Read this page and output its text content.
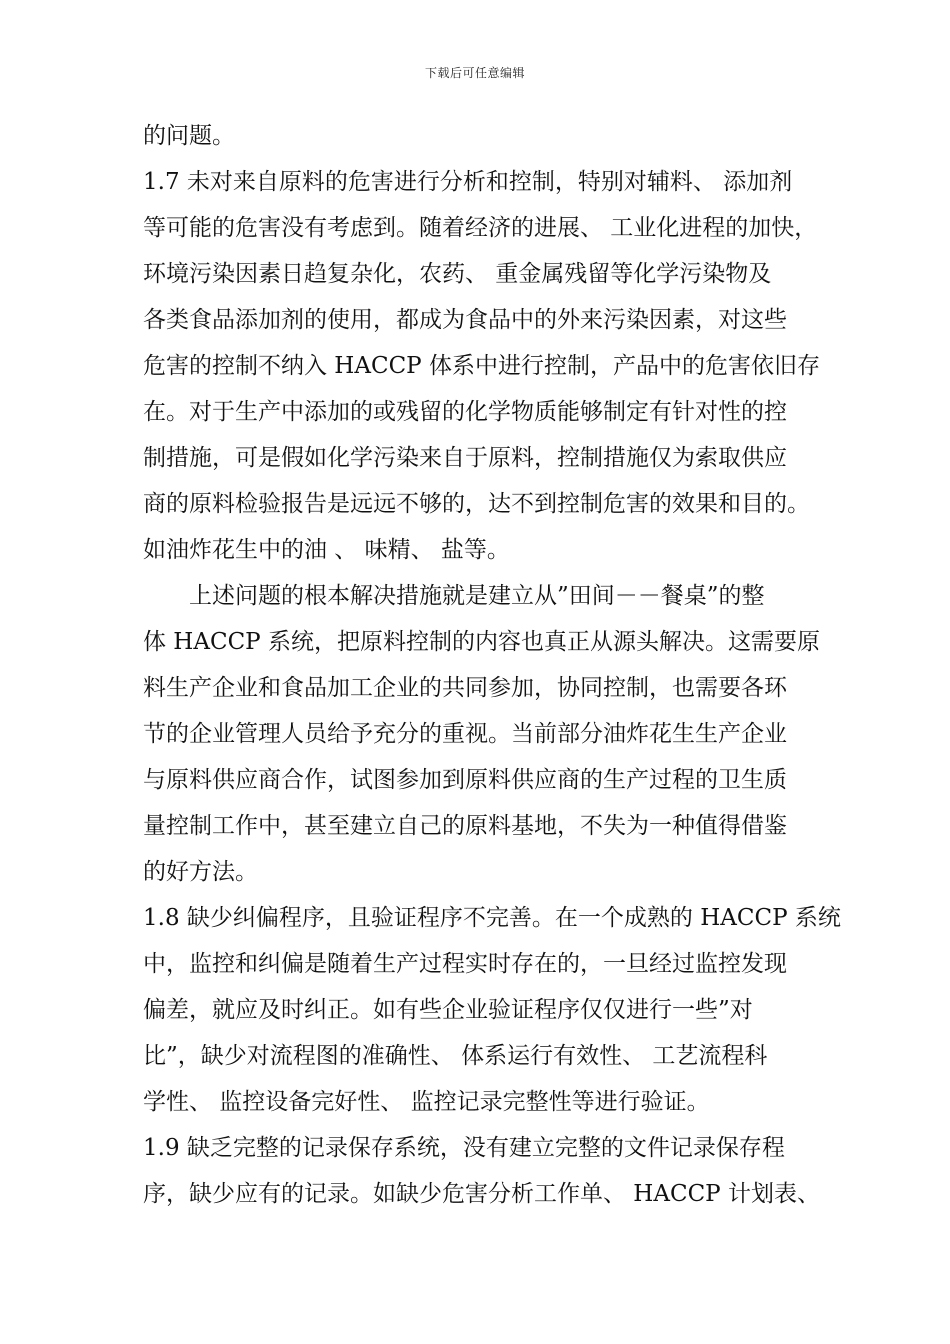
下载后可任意编辑
的问题。
1.7 未对来自原料的危害进行分析和控制，特别对辅料、 添加剂
等可能的危害没有考虑到。随着经济的进展、 工业化进程的加快，
环境污染因素日趋复杂化，农药、 重金属残留等化学污染物及
各类食品添加剂的使用，都成为食品中的外来污染因素，对这些
危害的控制不纳入 HACCP 体系中进行控制，产品中的危害依旧存
在。对于生产中添加的或残留的化学物质能够制定有针对性的控
制措施，可是假如化学污染来自于原料，控制措施仅为索取供应
商的原料检验报告是远远不够的，达不到控制危害的效果和目的。
如油炸花生中的油 、 味精、 盐等。
上述问题的根本解决措施就是建立从”田间－－餐桌”的整
体 HACCP 系统，把原料控制的内容也真正从源头解决。这需要原
料生产企业和食品加工企业的共同参加，协同控制，也需要各环
节的企业管理人员给予充分的重视。当前部分油炸花生生产企业
与原料供应商合作，试图参加到原料供应商的生产过程的卫生质
量控制工作中，甚至建立自己的原料基地，不失为一种值得借鉴
的好方法。
1.8 缺少纠偏程序，且验证程序不完善。在一个成熟的 HACCP 系统
中，监控和纠偏是随着生产过程实时存在的，一旦经过监控发现
偏差，就应及时纠正。如有些企业验证程序仅仅进行一些”对
比”，缺少对流程图的准确性、 体系运行有效性、 工艺流程科
学性、 监控设备完好性、 监控记录完整性等进行验证。
1.9 缺乏完整的记录保存系统，没有建立完整的文件记录保存程
序，缺少应有的记录。如缺少危害分析工作单、 HACCP 计划表、
